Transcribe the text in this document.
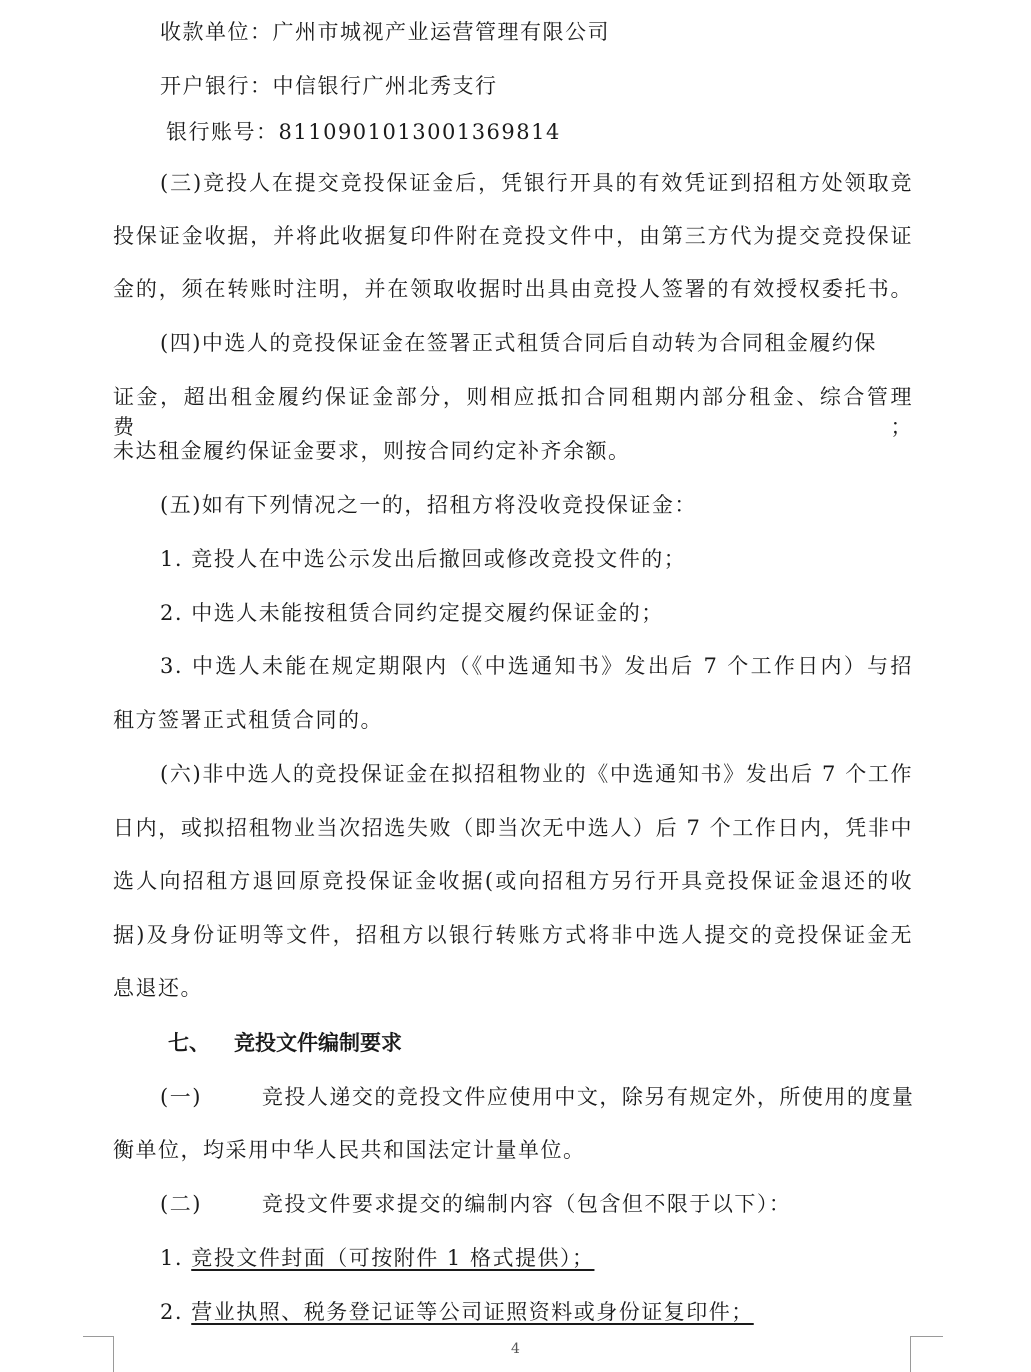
收款单位：广州市城视产业运营管理有限公司
开户银行：中信银行广州北秀支行
银行账号：8110901013001369814
(三)竞投人在提交竞投保证金后，凭银行开具的有效凭证到招租方处领取竞
投保证金收据，并将此收据复印件附在竞投文件中，由第三方代为提交竞投保证
金的，须在转账时注明，并在领取收据时出具由竞投人签署的有效授权委托书。
(四)中选人的竞投保证金在签署正式租赁合同后自动转为合同租金履约保
证金，超出租金履约保证金部分，则相应抵扣合同租期内部分租金、综合管理费；
未达租金履约保证金要求，则按合同约定补齐余额。
(五)如有下列情况之一的，招租方将没收竞投保证金：
1. 竞投人在中选公示发出后撤回或修改竞投文件的；
2. 中选人未能按租赁合同约定提交履约保证金的；
3. 中选人未能在规定期限内（《中选通知书》发出后 7 个工作日内）与招
租方签署正式租赁合同的。
(六)非中选人的竞投保证金在拟招租物业的《中选通知书》发出后 7 个工作
日内，或拟招租物业当次招选失败（即当次无中选人）后 7 个工作日内，凭非中
选人向招租方退回原竞投保证金收据(或向招租方另行开具竞投保证金退还的收
据)及身份证明等文件，招租方以银行转账方式将非中选人提交的竞投保证金无
息退还。
七、 竞投文件编制要求
(一)	竞投人递交的竞投文件应使用中文，除另有规定外，所使用的度量
衡单位，均采用中华人民共和国法定计量单位。
(二)	竞投文件要求提交的编制内容（包含但不限于以下）：
1. 竞投文件封面（可按附件 1 格式提供）；
2. 营业执照、税务登记证等公司证照资料或身份证复印件；
4
